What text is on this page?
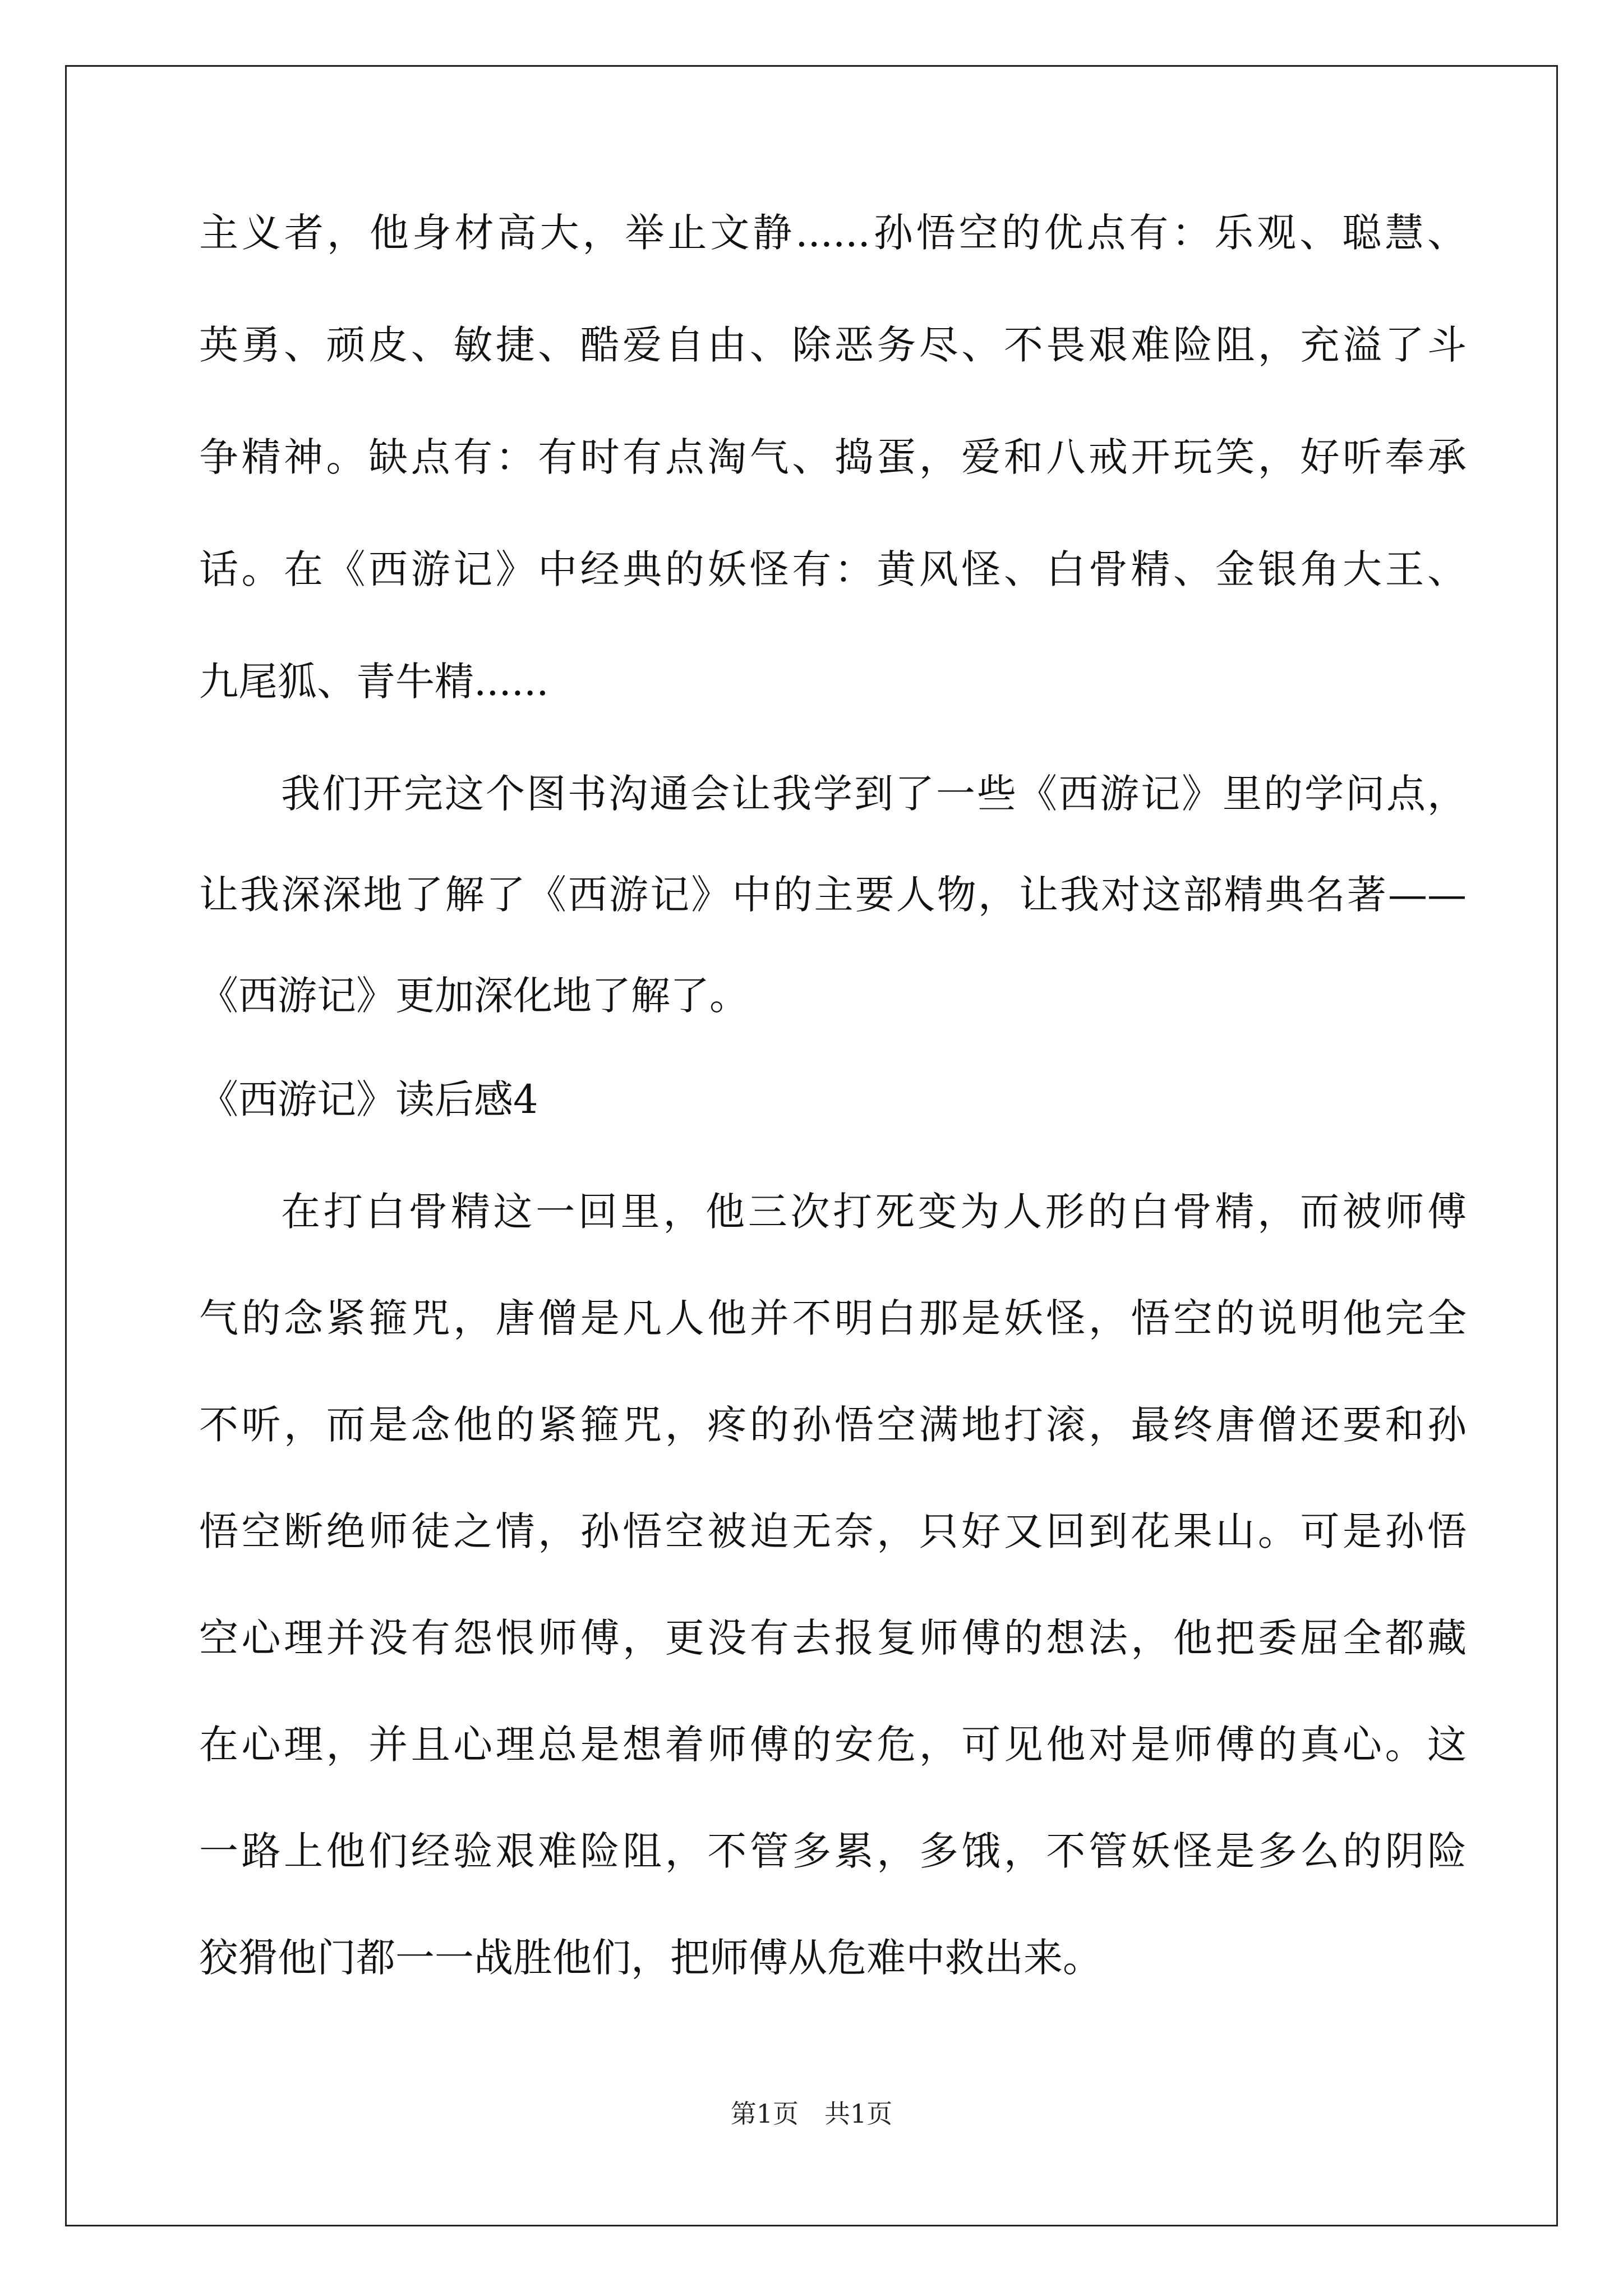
主义者，他身材高大，举止文静......孙悟空的优点有：乐观、聪慧、
英勇、顽皮、敏捷、酷爱自由、除恶务尽、不畏艰难险阻，充溢了斗
争精神。缺点有：有时有点淘气、捣蛋，爱和八戒开玩笑，好听奉承
话。在《西游记》中经典的妖怪有：黄风怪、白骨精、金银角大王、
九尾狐、青牛精......
我们开完这个图书沟通会让我学到了一些《西游记》里的学问点，
让我深深地了解了《西游记》中的主要人物，让我对这部精典名著——
《西游记》更加深化地了解了。
《西游记》读后感4
在打白骨精这一回里，他三次打死变为人形的白骨精，而被师傅
气的念紧箍咒，唐僧是凡人他并不明白那是妖怪，悟空的说明他完全
不听，而是念他的紧箍咒，疼的孙悟空满地打滚，最终唐僧还要和孙
悟空断绝师徒之情，孙悟空被迫无奈，只好又回到花果山。可是孙悟
空心理并没有怨恨师傅，更没有去报复师傅的想法，他把委屈全都藏
在心理，并且心理总是想着师傅的安危，可见他对是师傅的真心。这
一路上他们经验艰难险阻，不管多累，多饿，不管妖怪是多么的阴险
狡猾他门都一一战胜他们，把师傅从危难中救出来。
第1页　共1页
